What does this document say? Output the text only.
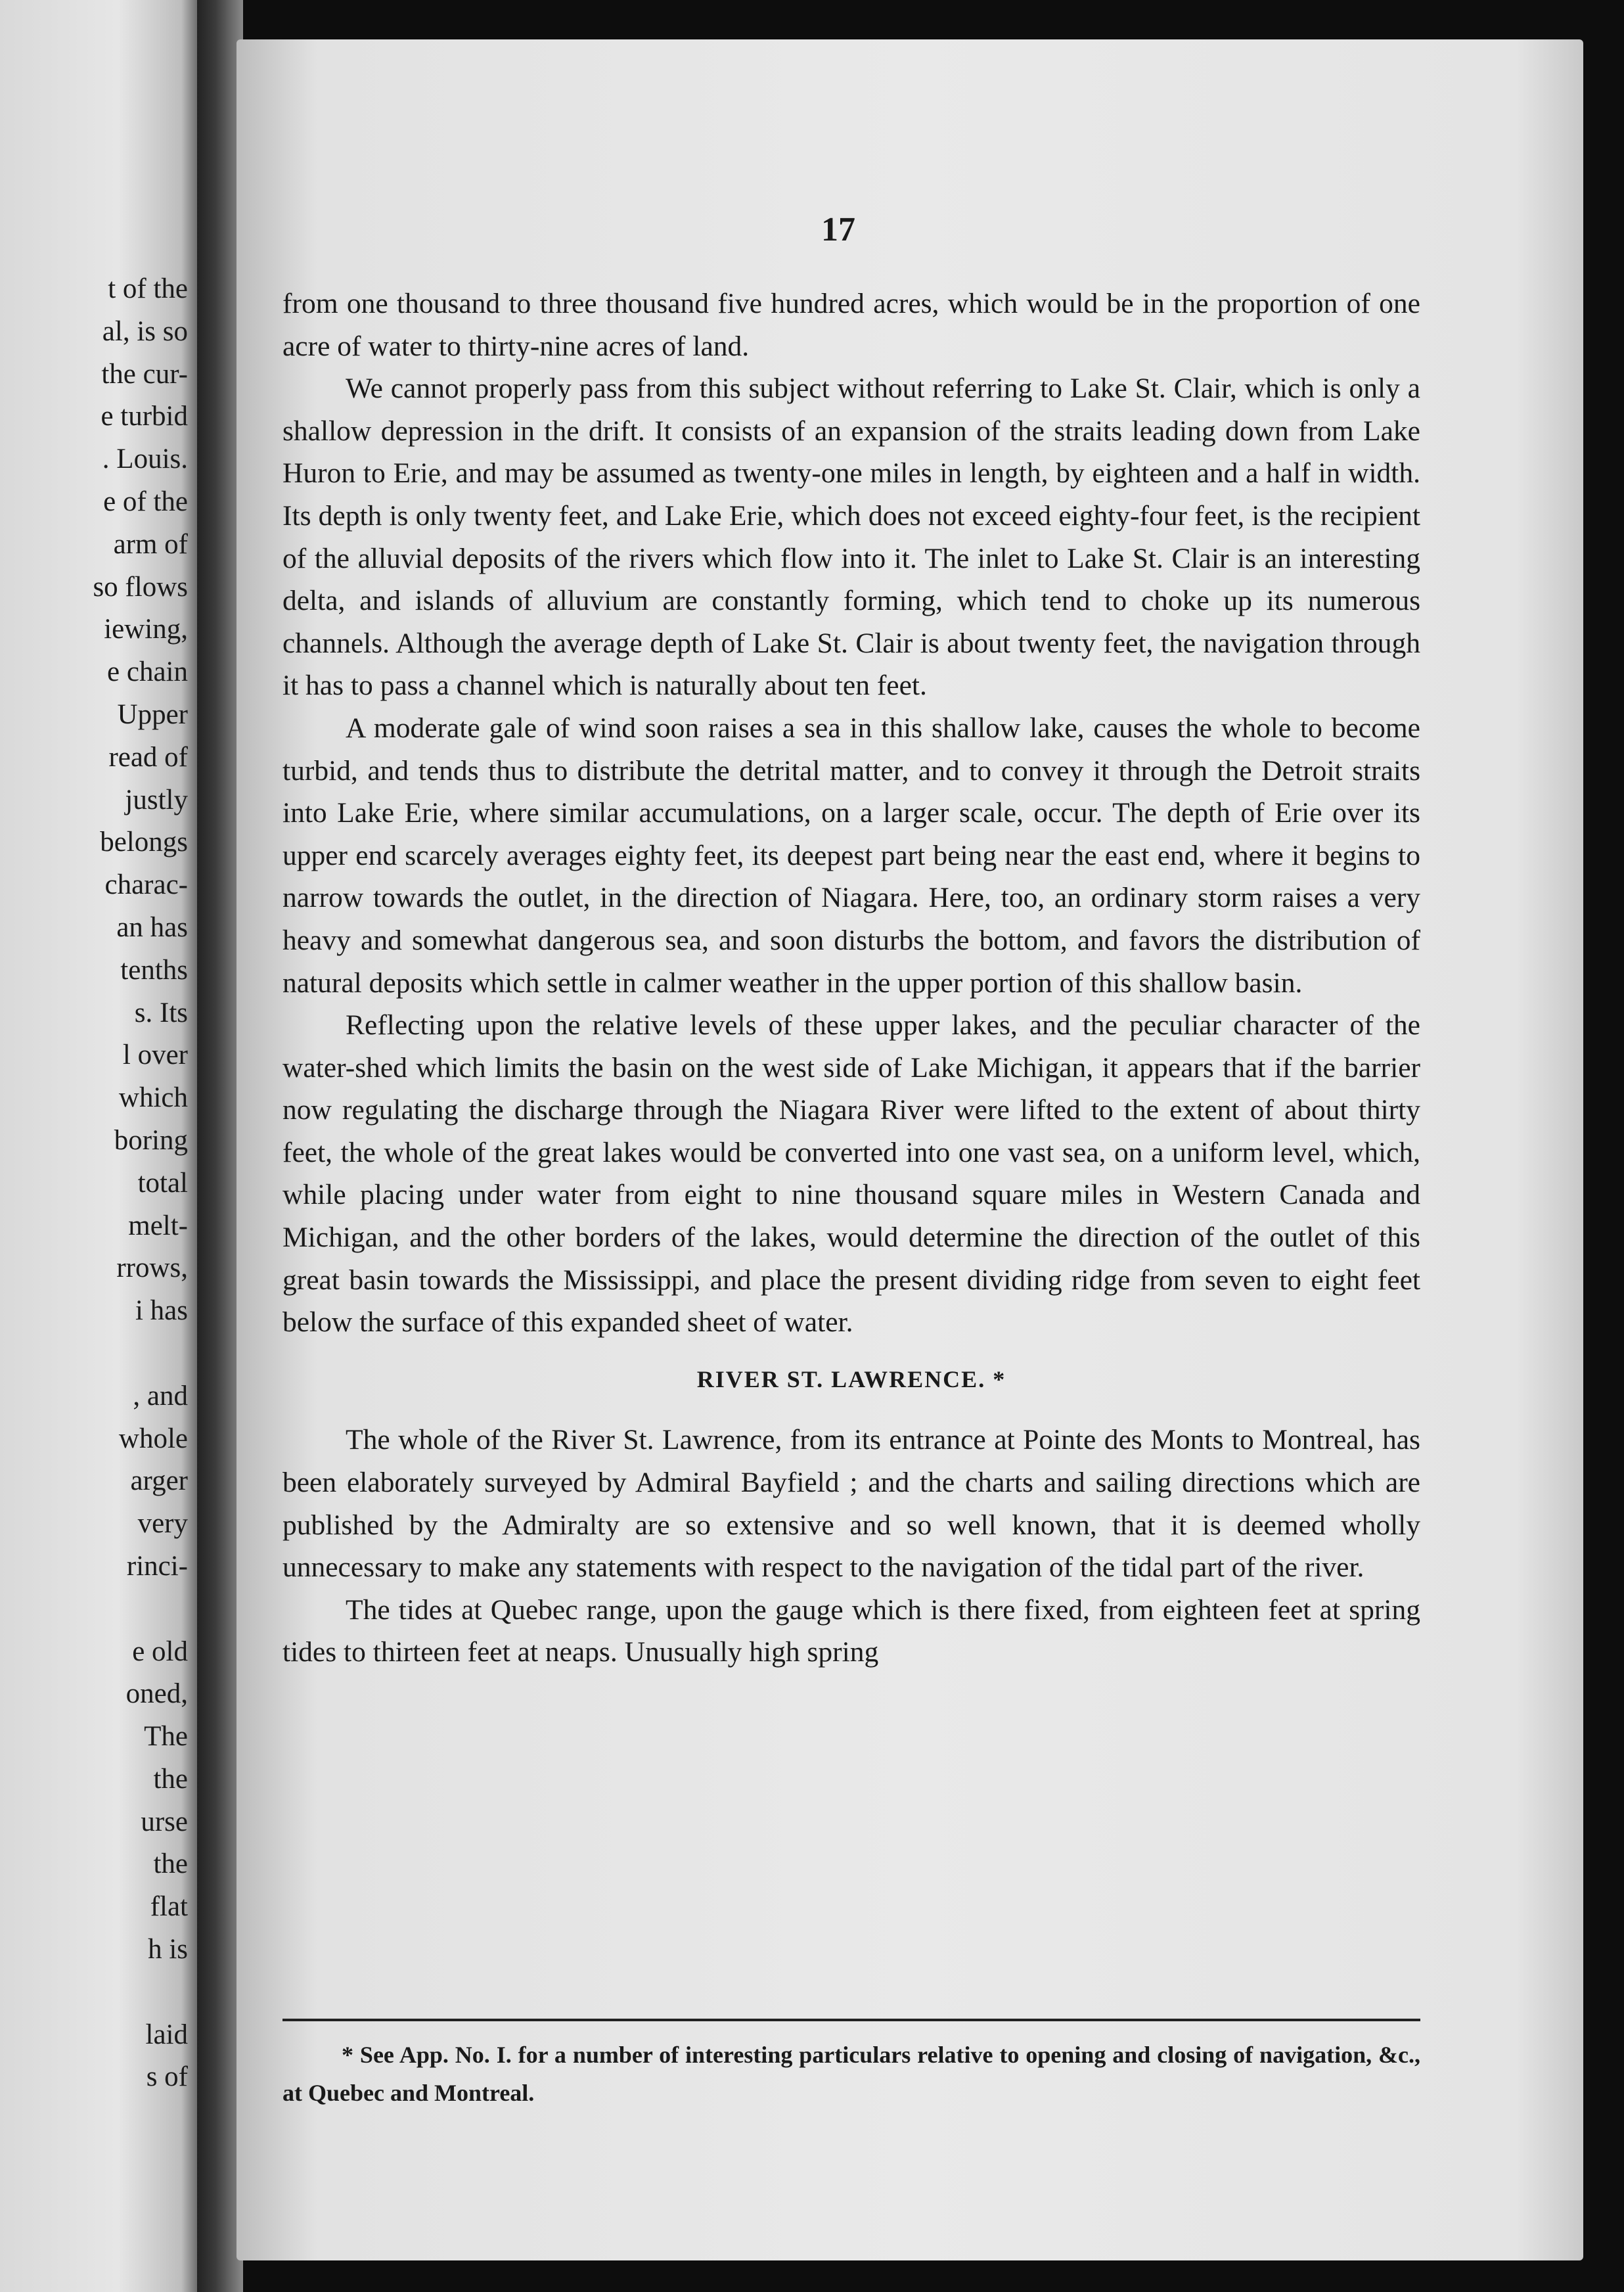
t of the
al, is so
the cur-
e turbid
. Louis.
e of the
arm of
so flows
iewing,
e chain
Upper
read of
justly
belongs
charac-
an has
tenths
s. Its
l over
which
boring
total
melt-
rrows,
i has

, and
whole
arger
very
rinci-

e old
oned,
The
the
urse
the
flat
h is

laid
s of
17

from one thousand to three thousand five hundred acres, which would be in the proportion of one acre of water to thirty-nine acres of land.

We cannot properly pass from this subject without referring to Lake St. Clair, which is only a shallow depression in the drift. It consists of an expansion of the straits leading down from Lake Huron to Erie, and may be assumed as twenty-one miles in length, by eighteen and a half in width. Its depth is only twenty feet, and Lake Erie, which does not exceed eighty-four feet, is the recipient of the alluvial deposits of the rivers which flow into it. The inlet to Lake St. Clair is an interesting delta, and islands of alluvium are constantly forming, which tend to choke up its numerous channels. Although the average depth of Lake St. Clair is about twenty feet, the navigation through it has to pass a channel which is naturally about ten feet.

A moderate gale of wind soon raises a sea in this shallow lake, causes the whole to become turbid, and tends thus to distribute the detrital matter, and to convey it through the Detroit straits into Lake Erie, where similar accumulations, on a larger scale, occur. The depth of Erie over its upper end scarcely averages eighty feet, its deepest part being near the east end, where it begins to narrow towards the outlet, in the direction of Niagara. Here, too, an ordinary storm raises a very heavy and somewhat dangerous sea, and soon disturbs the bottom, and favors the distribution of natural deposits which settle in calmer weather in the upper portion of this shallow basin.

Reflecting upon the relative levels of these upper lakes, and the peculiar character of the water-shed which limits the basin on the west side of Lake Michigan, it appears that if the barrier now regulating the discharge through the Niagara River were lifted to the extent of about thirty feet, the whole of the great lakes would be converted into one vast sea, on a uniform level, which, while placing under water from eight to nine thousand square miles in Western Canada and Michigan, and the other borders of the lakes, would determine the direction of the outlet of this great basin towards the Mississippi, and place the present dividing ridge from seven to eight feet below the surface of this expanded sheet of water.

RIVER ST. LAWRENCE. *

The whole of the River St. Lawrence, from its entrance at Pointe des Monts to Montreal, has been elaborately surveyed by Admiral Bayfield ; and the charts and sailing directions which are published by the Admiralty are so extensive and so well known, that it is deemed wholly unnecessary to make any statements with respect to the navigation of the tidal part of the river.

The tides at Quebec range, upon the gauge which is there fixed, from eighteen feet at spring tides to thirteen feet at neaps. Unusually high spring

* See App. No. I. for a number of interesting particulars relative to opening and closing of navigation, &c., at Quebec and Montreal.
